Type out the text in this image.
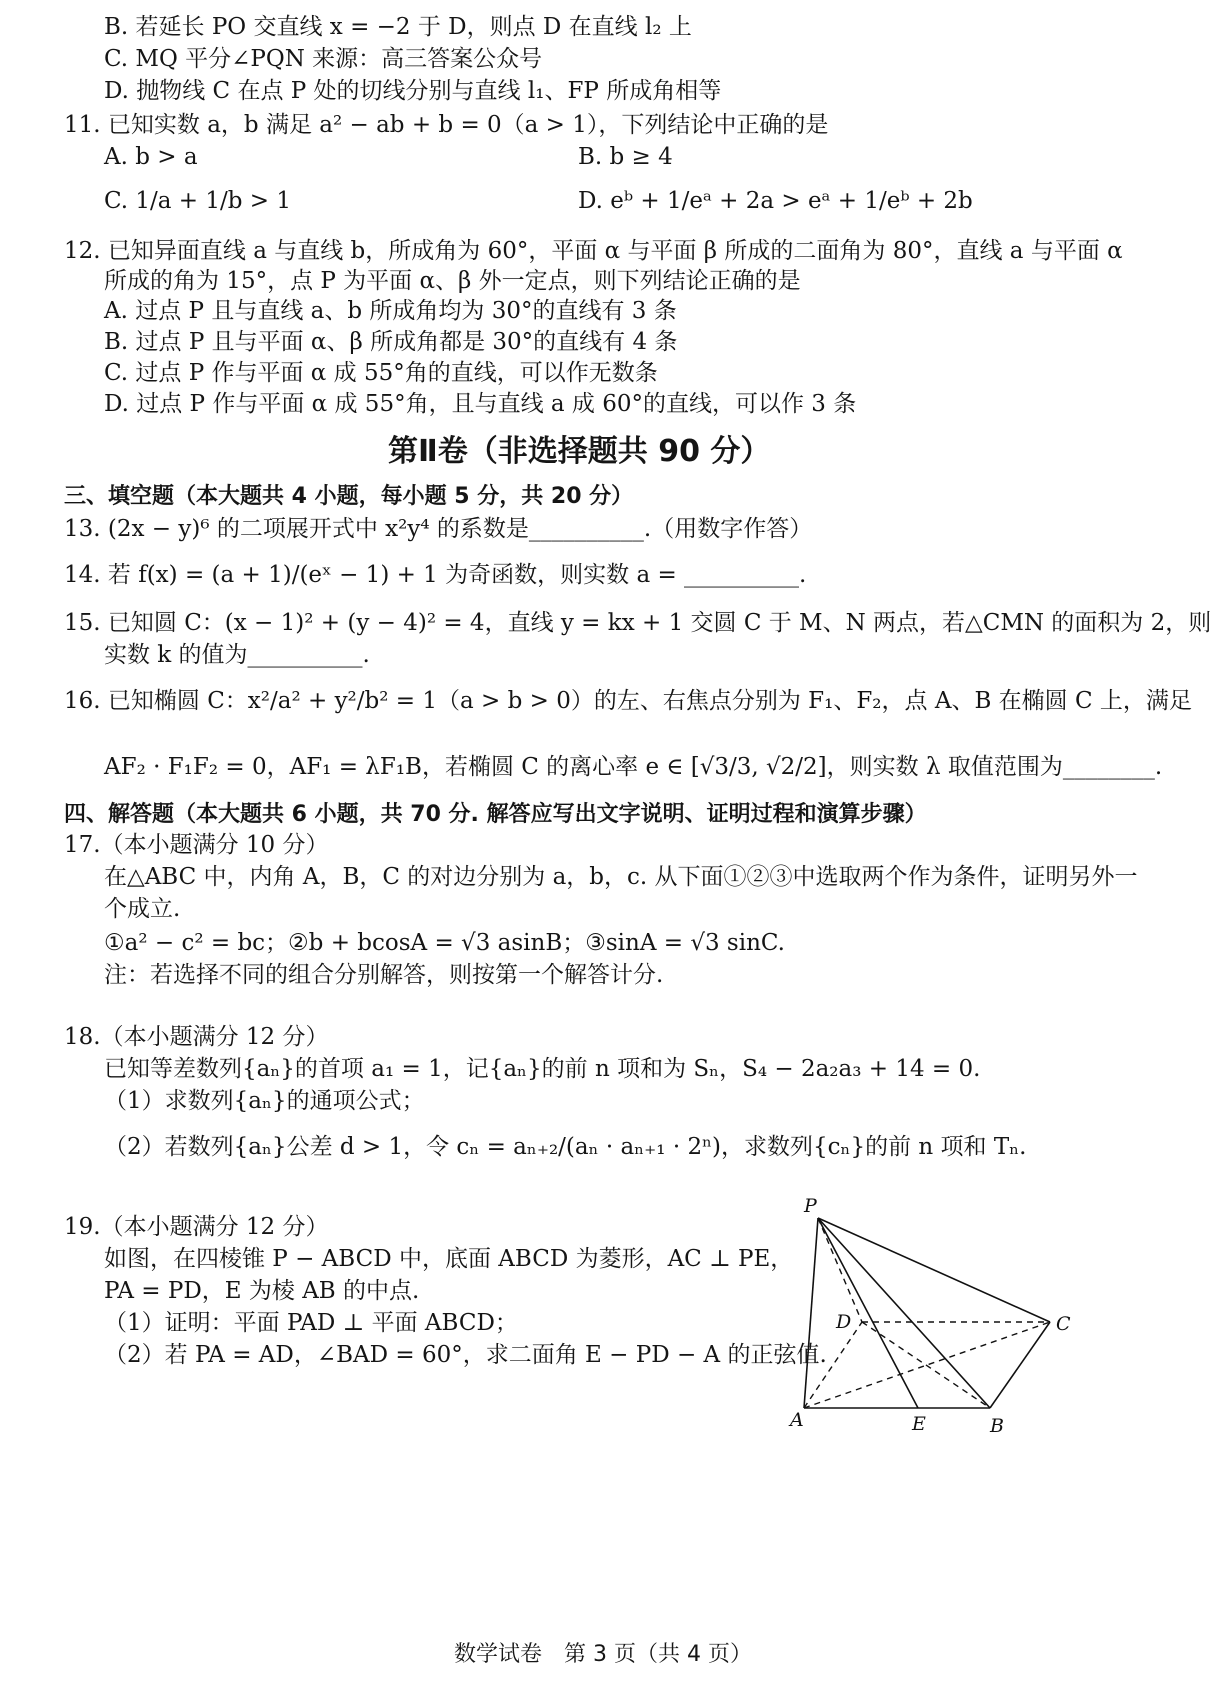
B. 若延长 PO 交直线 x = −2 于 D，则点 D 在直线 l₂ 上
C. MQ 平分∠PQN 来源：高三答案公众号
D. 抛物线 C 在点 P 处的切线分别与直线 l₁、FP 所成角相等
11. 已知实数 a，b 满足 a² − ab + b = 0（a > 1），下列结论中正确的是
A. b > a	B. b ≥ 4
C. 1/a + 1/b > 1	D. eᵇ + 1/eᵃ + 2a > eᵃ + 1/eᵇ + 2b
12. 已知异面直线 a 与直线 b，所成角为 60°，平面 α 与平面 β 所成的二面角为 80°，直线 a 与平面 α
所成的角为 15°，点 P 为平面 α、β 外一定点，则下列结论正确的是
A. 过点 P 且与直线 a、b 所成角均为 30°的直线有 3 条
B. 过点 P 且与平面 α、β 所成角都是 30°的直线有 4 条
C. 过点 P 作与平面 α 成 55°角的直线，可以作无数条
D. 过点 P 作与平面 α 成 55°角，且与直线 a 成 60°的直线，可以作 3 条
第Ⅱ卷（非选择题共 90 分）
三、填空题（本大题共 4 小题，每小题 5 分，共 20 分）
13. (2x − y)⁶ 的二项展开式中 x²y⁴ 的系数是__________.（用数字作答）
14. 若 f(x) = (a + 1)/(eˣ − 1) + 1 为奇函数，则实数 a = __________.
15. 已知圆 C：(x − 1)² + (y − 4)² = 4，直线 y = kx + 1 交圆 C 于 M、N 两点，若△CMN 的面积为 2，则
实数 k 的值为__________.
16. 已知椭圆 C：x²/a² + y²/b² = 1（a > b > 0）的左、右焦点分别为 F₁、F₂，点 A、B 在椭圆 C 上，满足
AF₂ · F₁F₂ = 0，AF₁ = λF₁B，若椭圆 C 的离心率 e ∈ [√3/3, √2/2]，则实数 λ 取值范围为________.
四、解答题（本大题共 6 小题，共 70 分. 解答应写出文字说明、证明过程和演算步骤）
17.（本小题满分 10 分）
在△ABC 中，内角 A，B，C 的对边分别为 a，b，c. 从下面①②③中选取两个作为条件，证明另外一
个成立.
①a² − c² = bc；②b + bcosA = √3 asinB；③sinA = √3 sinC.
注：若选择不同的组合分别解答，则按第一个解答计分.
18.（本小题满分 12 分）
已知等差数列{aₙ}的首项 a₁ = 1，记{aₙ}的前 n 项和为 Sₙ，S₄ − 2a₂a₃ + 14 = 0.
（1）求数列{aₙ}的通项公式；
（2）若数列{aₙ}公差 d > 1，令 cₙ = aₙ₊₂/(aₙ · aₙ₊₁ · 2ⁿ)，求数列{cₙ}的前 n 项和 Tₙ.
19.（本小题满分 12 分）
如图，在四棱锥 P − ABCD 中，底面 ABCD 为菱形，AC ⊥ PE，
PA = PD，E 为棱 AB 的中点.
（1）证明：平面 PAD ⊥ 平面 ABCD；
（2）若 PA = AD，∠BAD = 60°，求二面角 E − PD − A 的正弦值.
P
A	B
C
D
E
数学试卷　第 3 页（共 4 页）
